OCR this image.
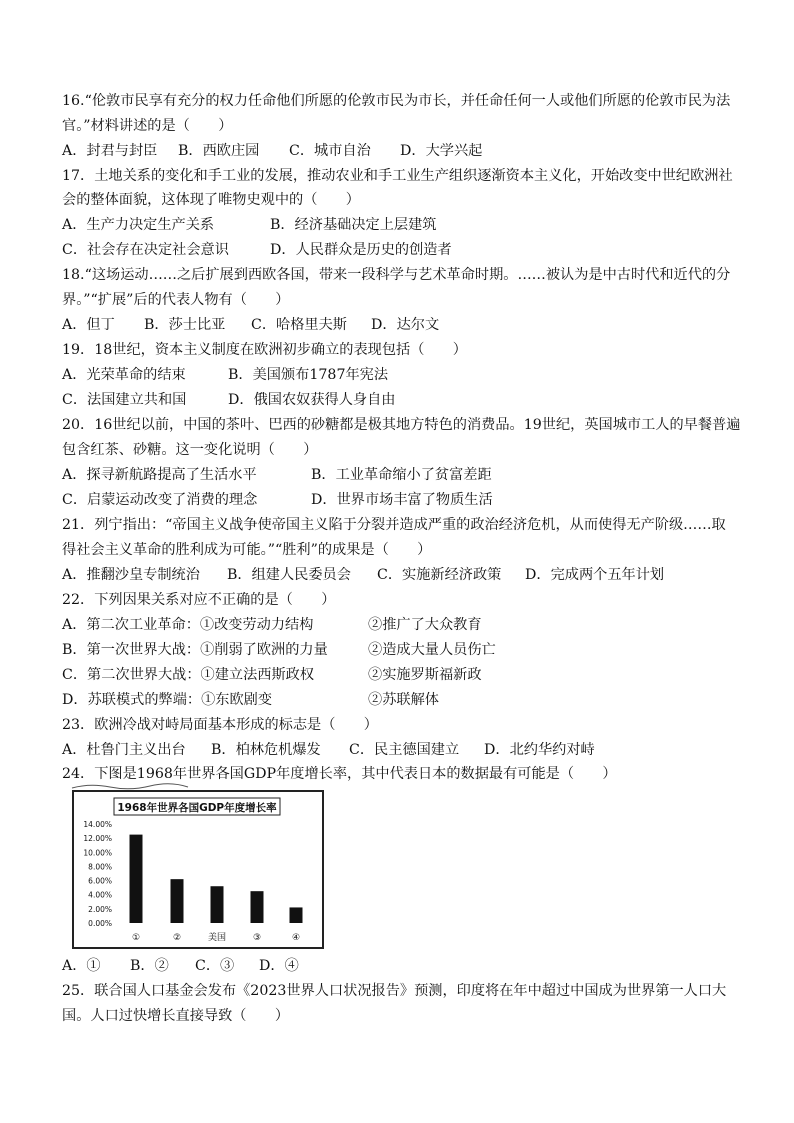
16.“伦敦市民享有充分的权力任命他们所愿的伦敦市民为市长，并任命任何一人或他们所愿的伦敦市民为法
官。”材料讲述的是（　　）
A．封君与封臣 B．西欧庄园 C．城市自治 D．大学兴起
17．土地关系的变化和手工业的发展，推动农业和手工业生产组织逐渐资本主义化，开始改变中世纪欧洲社
会的整体面貌，这体现了唯物史观中的（　　）
A．生产力决定生产关系	B．经济基础决定上层建筑
C．社会存在决定社会意识	D．人民群众是历史的创造者
18.“这场运动……之后扩展到西欧各国，带来一段科学与艺术革命时期。……被认为是中古时代和近代的分
界。”“扩展”后的代表人物有（　　）
A．但丁 B．莎士比亚 C．哈格里夫斯 D．达尔文
19．18世纪，资本主义制度在欧洲初步确立的表现包括（　　）
A．光荣革命的结束	B．美国颁布1787年宪法
C．法国建立共和国	D．俄国农奴获得人身自由
20．16世纪以前，中国的茶叶、巴西的砂糖都是极其地方特色的消费品。19世纪，英国城市工人的早餐普遍
包含红茶、砂糖。这一变化说明（　　）
A．探寻新航路提高了生活水平	B．工业革命缩小了贫富差距
C．启蒙运动改变了消费的理念	D．世界市场丰富了物质生活
21．列宁指出：“帝国主义战争使帝国主义陷于分裂并造成严重的政治经济危机，从而使得无产阶级……取
得社会主义革命的胜利成为可能。”“胜利”的成果是（　　）
A．推翻沙皇专制统治 B．组建人民委员会 C．实施新经济政策 D．完成两个五年计划
22．下列因果关系对应不正确的是（　　）
A．第二次工业革命：①改变劳动力结构	②推广了大众教育
B．第一次世界大战：①削弱了欧洲的力量	②造成大量人员伤亡
C．第二次世界大战：①建立法西斯政权	②实施罗斯福新政
D．苏联模式的弊端：①东欧剧变	②苏联解体
23．欧洲冷战对峙局面基本形成的标志是（　　）
A．杜鲁门主义出台 B．柏林危机爆发 C．民主德国建立 D．北约华约对峙
24．下图是1968年世界各国GDP年度增长率，其中代表日本的数据最有可能是（　　）
1968年世界各国GDP年度增长率
0.00%
2.00%
4.00%
6.00%
8.00%
10.00%
12.00%
14.00%
①	②	美国	③	④
A．① B．② C．③ D．④
25．联合国人口基金会发布《2023世界人口状况报告》预测，印度将在年中超过中国成为世界第一人口大
国。人口过快增长直接导致（　　）
